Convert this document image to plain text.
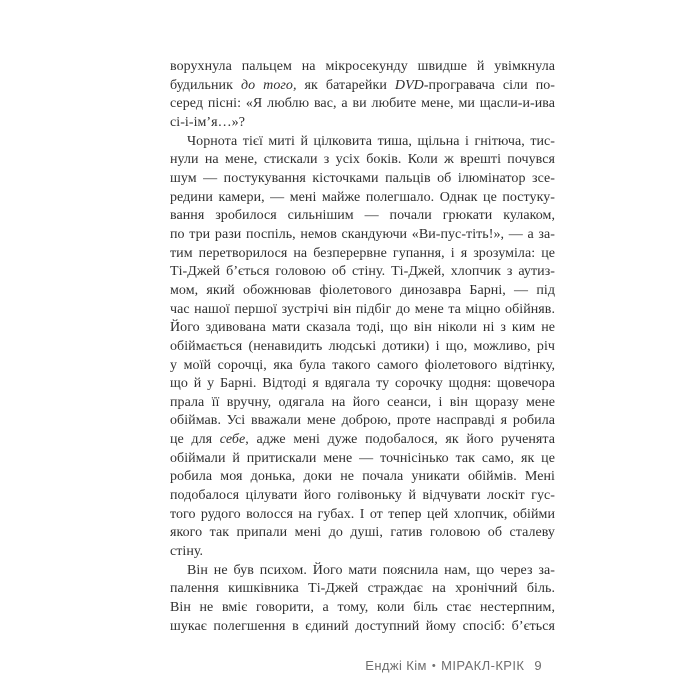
ворухнула пальцем на мікросекунду швидше й увімкнула
будильник до того, як батарейки DVD-програвача сіли по-
серед пісні: «Я люблю вас, а ви любите мене, ми щасли-и-ива
сі-і-ім’я…»?
Чорнота тієї миті й цілковита тиша, щільна і гнітюча, тис-
нули на мене, стискали з усіх боків. Коли ж врешті почувся
шум — постукування кісточками пальців об ілюмінатор зсе-
редини камери, — мені майже полегшало. Однак це постуку-
вання зробилося сильнішим — почали грюкати кулаком,
по три рази поспіль, немов скандуючи «Ви-пус-тіть!», — а за-
тим перетворилося на безперервне гупання, і я зрозуміла: це
Ті-Джей б’ється головою об стіну. Ті-Джей, хлопчик з аутиз-
мом, який обожнював фіолетового динозавра Барні, — під
час нашої першої зустрічі він підбіг до мене та міцно обійняв.
Його здивована мати сказала тоді, що він ніколи ні з ким не
обіймається (ненавидить людські дотики) і що, можливо, річ
у моїй сорочці, яка була такого самого фіолетового відтінку,
що й у Барні. Відтоді я вдягала ту сорочку щодня: щовечора
прала її вручну, одягала на його сеанси, і він щоразу мене
обіймав. Усі вважали мене доброю, проте насправді я робила
це для себе, адже мені дуже подобалося, як його рученята
обіймали й притискали мене — точнісінько так само, як це
робила моя донька, доки не почала уникати обіймів. Мені
подобалося цілувати його голівоньку й відчувати лоскіт гус-
того рудого волосся на губах. І от тепер цей хлопчик, обійми
якого так припали мені до душі, гатив головою об сталеву
стіну.
Він не був психом. Його мати пояснила нам, що через за-
палення кишківника Ті-Джей страждає на хронічний біль.
Він не вміє говорити, а тому, коли біль стає нестерпним,
шукає полегшення в єдиний доступний йому спосіб: б’ється
Енджі Кім • МІРАКЛ-КРІК 9
